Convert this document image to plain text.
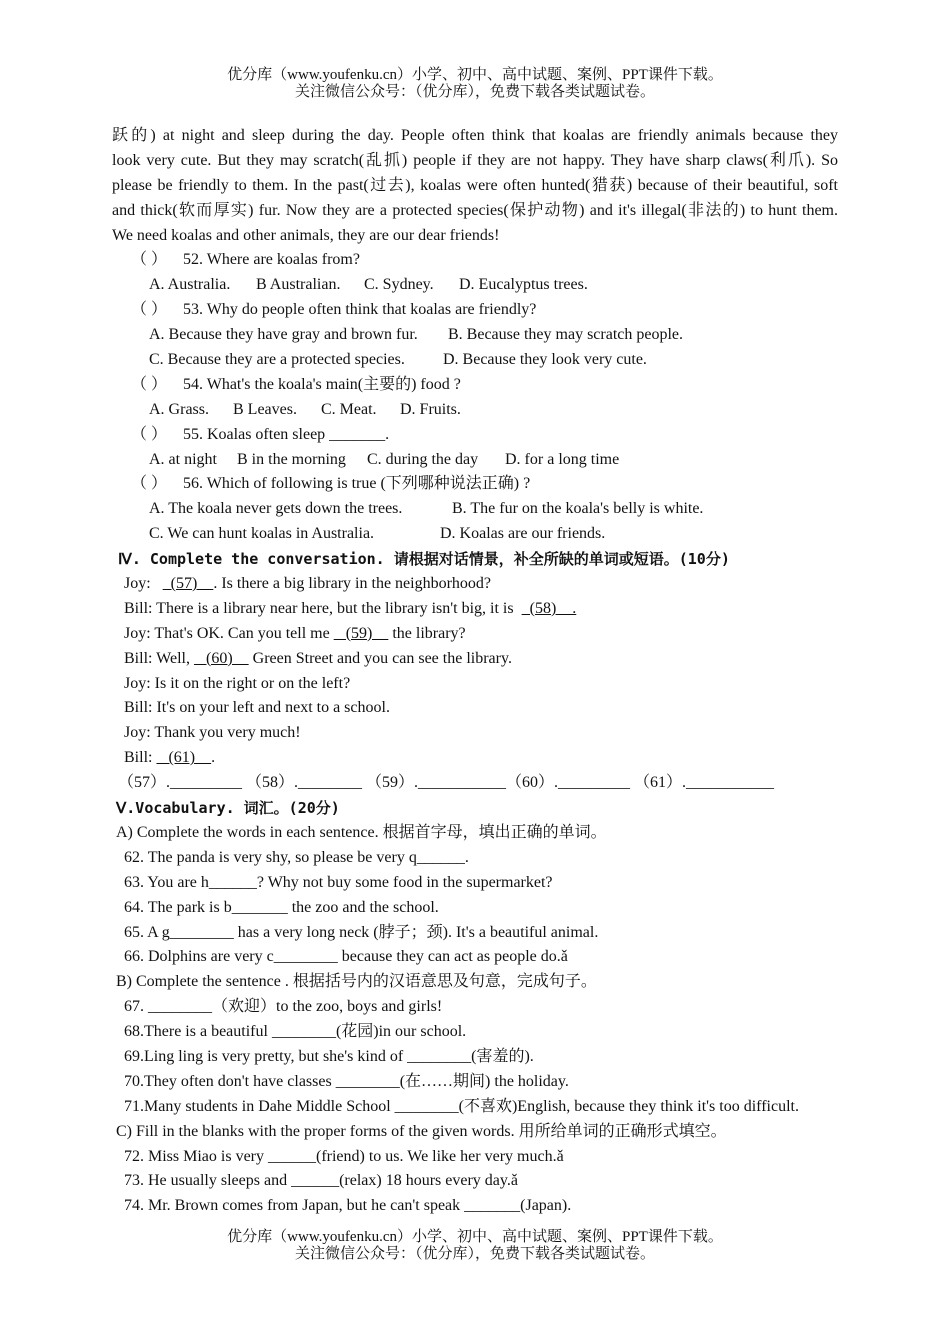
优分库（www.youfenku.cn）小学、初中、高中试题、案例、PPT课件下载。
关注微信公众号：（优分库），免费下载各类试题试卷。
跃的) at night and sleep during the day. People often think that koalas are friendly animals because they
look very cute. But they may scratch(乱抓) people if they are not happy. They have sharp claws(利爪). So
please be friendly to them. In the past(过去), koalas were often hunted(猎获) because of their beautiful, soft
and thick(软而厚实) fur. Now they are a protected species(保护动物) and it's illegal(非法的) to hunt them.
We need koalas and other animals, they are our dear friends!
（ ） 52. Where are koalas from?
A. Australia. B Australian. C. Sydney. D. Eucalyptus trees.
（ ） 53. Why do people often think that koalas are friendly?
A. Because they have gray and brown fur. B. Because they may scratch people.
C. Because they are a protected species. D. Because they look very cute.
（ ） 54. What's the koala's main(主要的) food ?
A. Grass. B Leaves. C. Meat. D. Fruits.
（ ） 55. Koalas often sleep _______.
A. at night B in the morning C. during the day D. for a long time
（ ） 56. Which of following is true (下列哪种说法正确) ?
A. The koala never gets down the trees.	B. The fur on the koala's belly is white.
C. We can hunt koalas in Australia.	D. Koalas are our friends.
Ⅳ. Complete the conversation. 请根据对话情景，补全所缺的单词或短语。(10分)
Joy:     (57)    . Is there a big library in the neighborhood?
Bill: There is a library near here, but the library isn't big, it is    (58)    .
Joy: That's OK. Can you tell me    (59)     the library?
Bill: Well,    (60)     Green Street and you can see the library.
Joy: Is it on the right or on the left?
Bill: It's on your left and next to a school.
Joy: Thank you very much!
Bill:    (61)    .
（57）._________ （58）.________ （59）.___________（60）._________ （61）.___________
Ⅴ.Vocabulary. 词汇。(20分)
A) Complete the words in each sentence. 根据首字母，填出正确的单词。
62. The panda is very shy, so please be very q______.
63. You are h______? Why not buy some food in the supermarket?
64. The park is b_______ the zoo and the school.
65. A g________ has a very long neck (脖子；颈). It's a beautiful animal.
66. Dolphins are very c________ because they can act as people do.ǎ
B) Complete the sentence . 根据括号内的汉语意思及句意，完成句子。
67. ________（欢迎）to the zoo, boys and girls!
68.There is a beautiful ________(花园)in our school.
69.Ling ling is very pretty, but she's kind of ________(害羞的).
70.They often don't have classes ________(在……期间) the holiday.
71.Many students in Dahe Middle School ________(不喜欢)English, because they think it's too difficult.
C) Fill in the blanks with the proper forms of the given words. 用所给单词的正确形式填空。
72. Miss Miao is very ______(friend) to us. We like her very much.ǎ
73. He usually sleeps and ______(relax) 18 hours every day.ǎ
74. Mr. Brown comes from Japan, but he can't speak _______(Japan).
优分库（www.youfenku.cn）小学、初中、高中试题、案例、PPT课件下载。
关注微信公众号：（优分库），免费下载各类试题试卷。
